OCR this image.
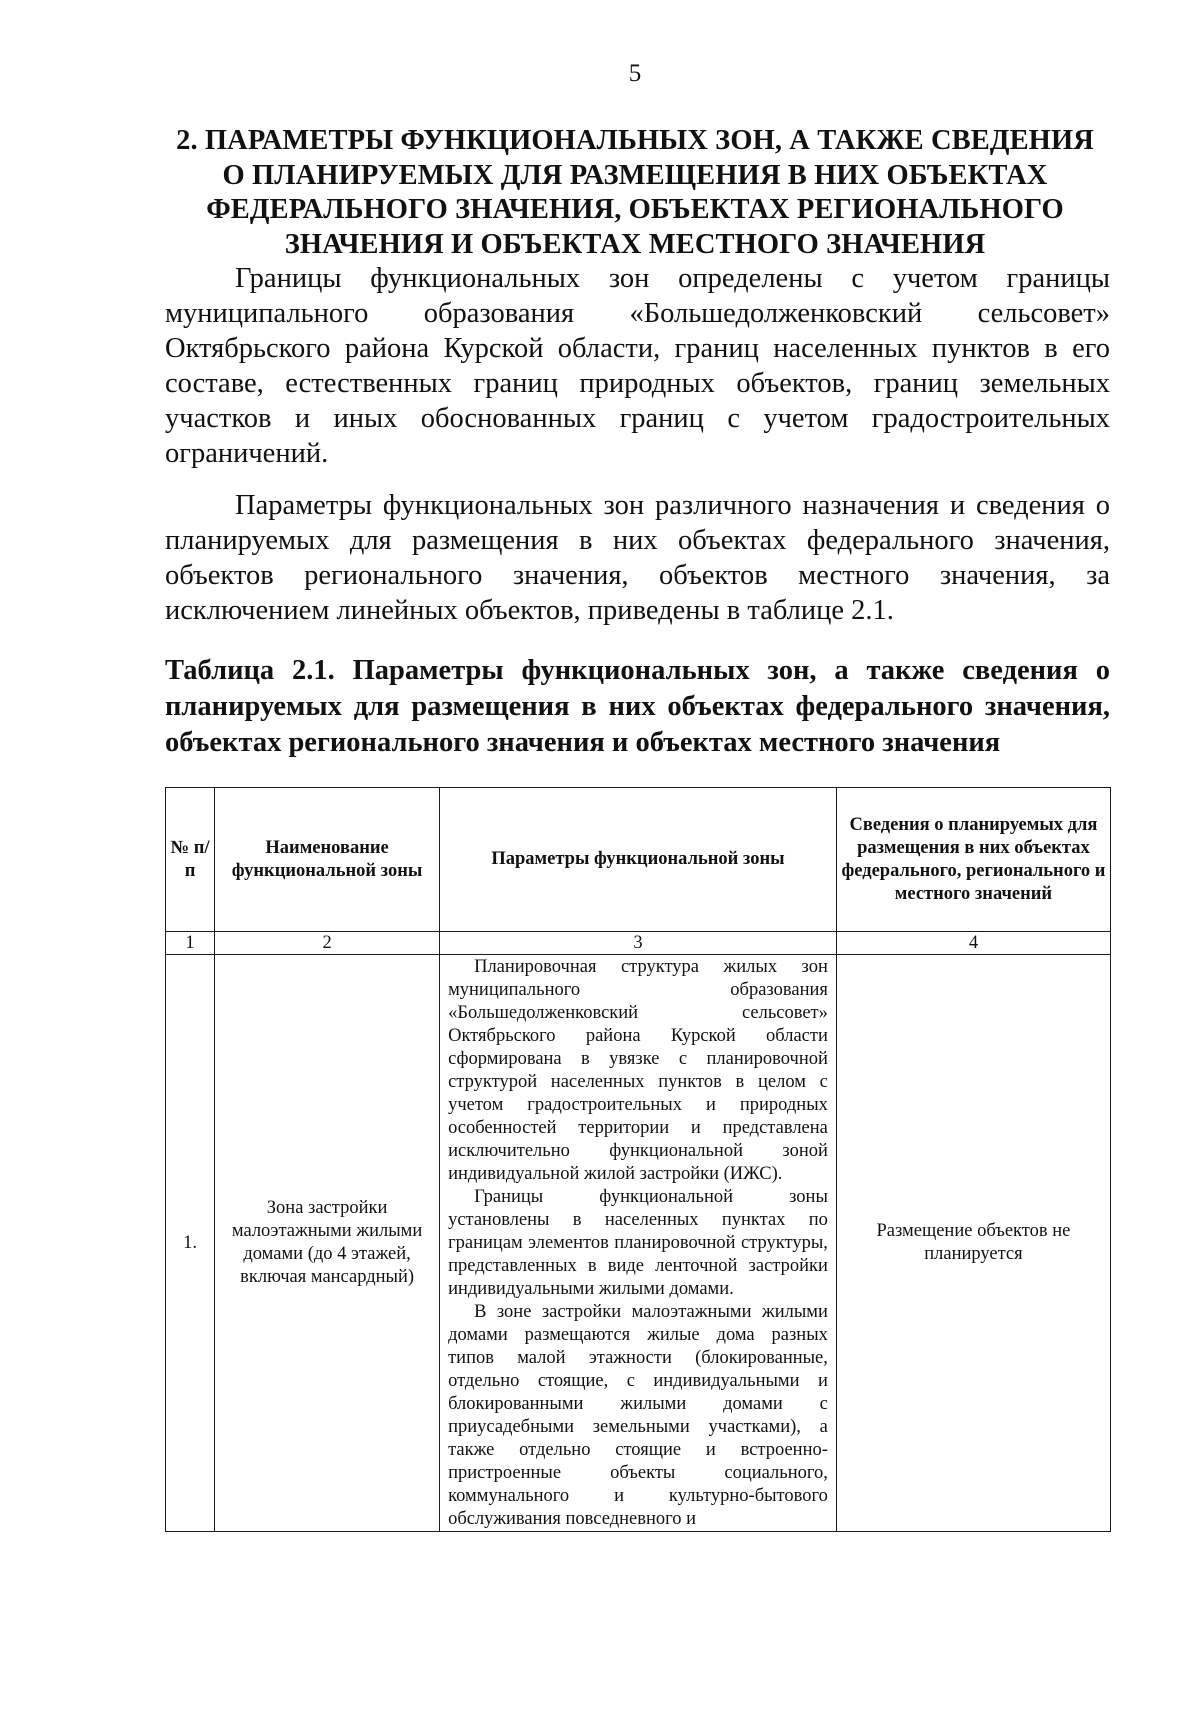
5
2. ПАРАМЕТРЫ ФУНКЦИОНАЛЬНЫХ ЗОН, А ТАКЖЕ СВЕДЕНИЯ
О ПЛАНИРУЕМЫХ ДЛЯ РАЗМЕЩЕНИЯ В НИХ ОБЪЕКТАХ
ФЕДЕРАЛЬНОГО ЗНАЧЕНИЯ, ОБЪЕКТАХ РЕГИОНАЛЬНОГО
ЗНАЧЕНИЯ И ОБЪЕКТАХ МЕСТНОГО ЗНАЧЕНИЯ

Границы функциональных зон определены с учетом границы муниципального образования «Большедолженковский сельсовет» Октябрьского района Курской области, границ населенных пунктов в его составе, естественных границ природных объектов, границ земельных участков и иных обоснованных границ с учетом градостроительных ограничений.

Параметры функциональных зон различного назначения и сведения о планируемых для размещения в них объектах федерального значения, объектов регионального значения, объектов местного значения, за исключением линейных объектов, приведены в таблице 2.1.

Таблица 2.1. Параметры функциональных зон, а также сведения о планируемых для размещения в них объектах федерального значения, объектах регионального значения и объектах местного значения

№ п/п	Наименование функциональной зоны	Параметры функциональной зоны	Сведения о планируемых для размещения в них объектах федерального, регионального и местного значений
1	2	3	4
1.	Зона застройки малоэтажными жилыми домами (до 4 этажей, включая мансардный)	Планировочная структура жилых зон муниципального образования «Большедолженковский сельсовет» Октябрьского района Курской области сформирована в увязке с планировочной структурой населенных пунктов в целом с учетом градостроительных и природных особенностей территории и представлена исключительно функциональной зоной индивидуальной жилой застройки (ИЖС).

Границы функциональной зоны установлены в населенных пунктах по границам элементов планировочной структуры, представленных в виде ленточной застройки индивидуальными жилыми домами.

В зоне застройки малоэтажными жилыми домами размещаются жилые дома разных типов малой этажности (блокированные, отдельно стоящие, с индивидуальными и блокированными жилыми домами с приусадебными земельными участками), а также отдельно стоящие и встроенно-пристроенные объекты социального, коммунального и культурно-бытового обслуживания повседневного и	Размещение объектов не планируется
